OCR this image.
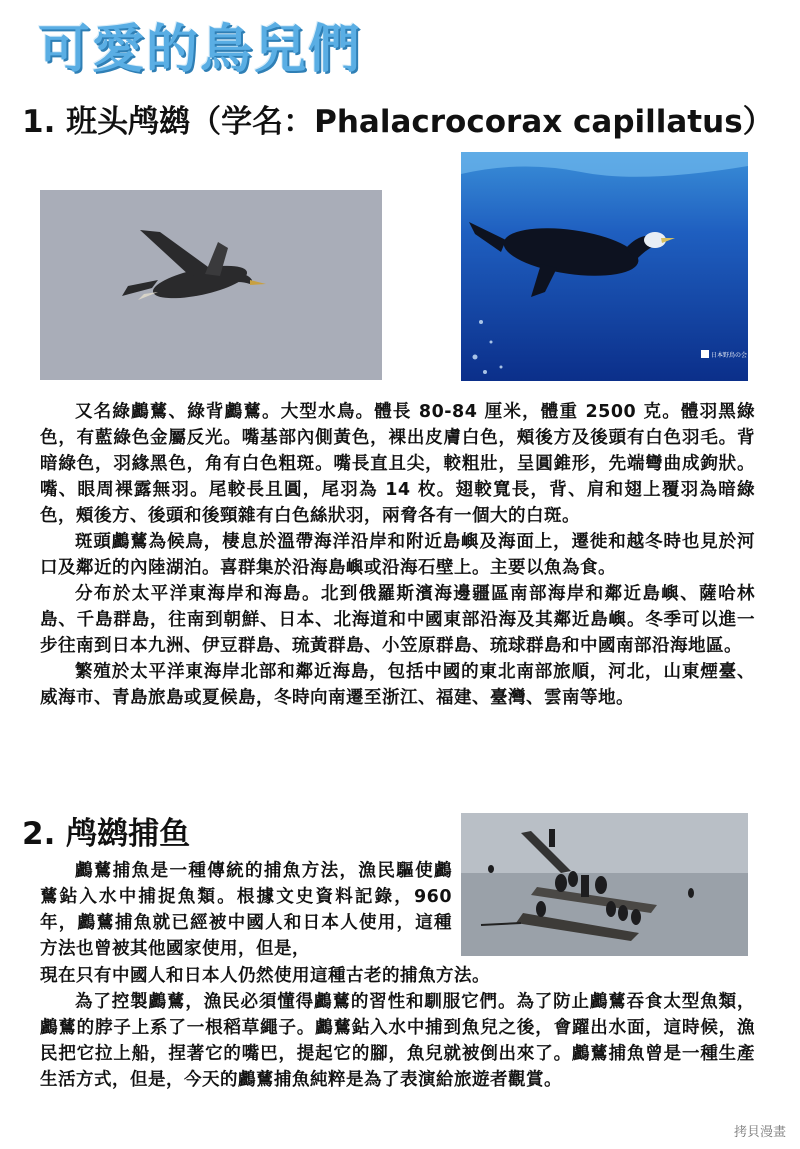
可愛的鳥兒們
1. 班头鸬鹚（学名：Phalacrocorax capillatus）
日本野鳥の会

又名綠鸕鶿、綠背鸕鶿。大型水鳥。體長 80-84 厘米，體重 2500 克。體羽黑綠色，有藍綠色金屬反光。嘴基部內側黃色，裸出皮膚白色，頰後方及後頭有白色羽毛。背暗綠色，羽緣黑色，角有白色粗斑。嘴長直且尖，較粗壯，呈圓錐形，先端彎曲成鉤狀。嘴、眼周裸露無羽。尾較長且圓，尾羽為 14 枚。翅較寬長，背、肩和翅上覆羽為暗綠色，頰後方、後頭和後頸雜有白色絲狀羽，兩脅各有一個大的白斑。

斑頭鸕鶿為候鳥，棲息於溫帶海洋沿岸和附近島嶼及海面上，遷徙和越冬時也見於河口及鄰近的內陸湖泊。喜群集於沿海島嶼或沿海石壁上。主要以魚為食。

分布於太平洋東海岸和海島。北到俄羅斯濱海邊疆區南部海岸和鄰近島嶼、薩哈林島、千島群島，往南到朝鮮、日本、北海道和中國東部沿海及其鄰近島嶼。冬季可以進一步往南到日本九洲、伊豆群島、琉黃群島、小笠原群島、琉球群島和中國南部沿海地區。

繁殖於太平洋東海岸北部和鄰近海島，包括中國的東北南部旅順，河北，山東煙臺、威海市、青島旅島或夏候島，冬時向南遷至浙江、福建、臺灣、雲南等地。

2. 鸬鹚捕鱼

鸕鶿捕魚是一種傳統的捕魚方法，漁民驅使鸕鶿鉆入水中捕捉魚類。根據文史資料記錄，960 年，鸕鶿捕魚就已經被中國人和日本人使用，這種方法也曾被其他國家使用，但是，

現在只有中國人和日本人仍然使用這種古老的捕魚方法。

為了控製鸕鶿，漁民必須懂得鸕鶿的習性和馴服它們。為了防止鸕鶿吞食太型魚類，鸕鶿的脖子上系了一根稻草繩子。鸕鶿鉆入水中捕到魚兒之後，會躍出水面，這時候，漁民把它拉上船，捏著它的嘴巴，提起它的腳，魚兒就被倒出來了。鸕鶿捕魚曾是一種生產生活方式，但是，今天的鸕鶿捕魚純粹是為了表演給旅遊者觀賞。

拷貝漫畫
